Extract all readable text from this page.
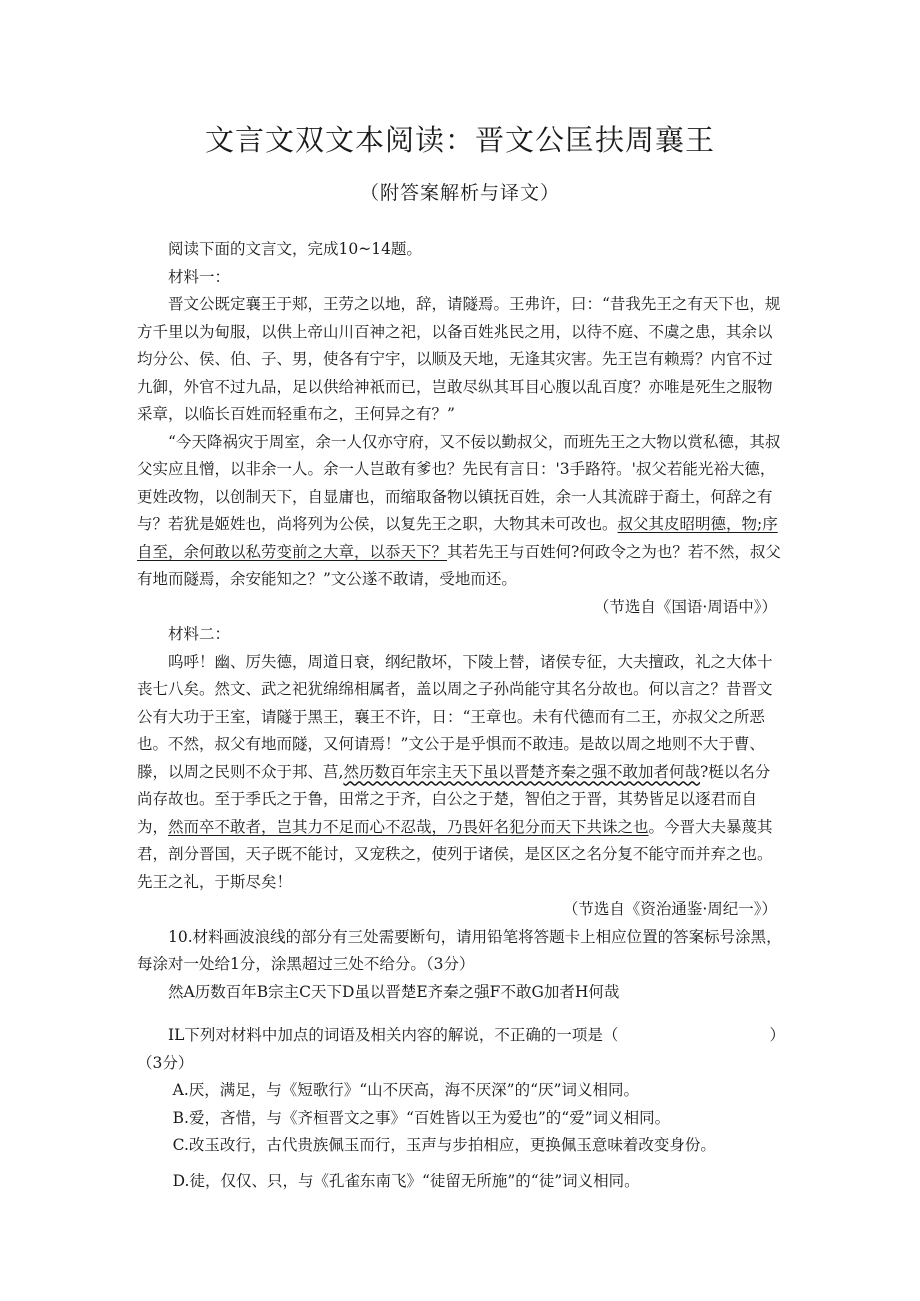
文言文双文本阅读：晋文公匡扶周襄王
（附答案解析与译文）

阅读下面的文言文，完成10~14题。

材料一：

晋文公既定襄王于郏，王劳之以地，辞，请隧焉。王弗许，曰：“昔我先王之有天下也，规方千里以为甸服，以供上帝山川百神之祀，以备百姓兆民之用，以待不庭、不虞之患，其余以均分公、侯、伯、子、男，使各有宁宇，以顺及天地，无逢其灾害。先王岂有赖焉？内官不过九御，外官不过九品，足以供给神祇而已，岂敢尽纵其耳目心腹以乱百度？亦唯是死生之服物采章，以临长百姓而轻重布之，王何异之有？”

“今天降祸灾于周室，余一人仅亦守府，又不佞以勤叔父，而班先王之大物以赏私德，其叔父实应且憎，以非余一人。余一人岂敢有爹也？先民有言日：'3手路符。'叔父若能光裕大德，更姓改物，以创制天下，自显庸也，而缩取备物以镇抚百姓，余一人其流辟于裔土，何辞之有与？若犹是姬姓也，尚将列为公侯，以复先王之职，大物其未可改也。叔父其皮昭明德，物;序自至，余何敢以私劳变前之大章，以忝天下？其若先王与百姓何?何政令之为也？若不然，叔父有地而隧焉，余安能知之？”文公遂不敢请，受地而还。

（节选自《国语·周语中》）

材料二：

呜呼！幽、厉失德，周道日衰，纲纪散坏，下陵上替，诸侯专征，大夫擅政，礼之大体十丧七八矣。然文、武之祀犹绵绵相属者，盖以周之子孙尚能守其名分故也。何以言之？昔晋文公有大功于王室，请隧于黑王，襄王不许，日：“王章也。未有代德而有二王，亦叔父之所恶也。不然，叔父有地而隧，又何请焉！”文公于是乎惧而不敢违。是故以周之地则不大于曹、滕，以周之民则不众于邦、莒,然历数百年宗主天下虽以晋楚齐秦之强不敢加者何哉?梃以名分尚存故也。至于季氏之于鲁，田常之于齐，白公之于楚，智伯之于晋，其势皆足以逐君而自为，然而卒不敢者，岂其力不足而心不忍哉，乃畏奸名犯分而天下共诛之也。今晋大夫暴蔑其君，剖分晋国，天子既不能讨，又宠秩之，使列于诸侯，是区区之名分复不能守而并弃之也。先王之礼，于斯尽矣！

（节选自《资治通鉴·周纪一》）

10.材料画波浪线的部分有三处需要断句，请用铅笔将答题卡上相应位置的答案标号涂黑，每涂对一处给1分，涂黑超过三处不给分。（3分）

然A历数百年B宗主C天下D虽以晋楚E齐秦之强F不敢G加者H何哉

IL下列对材料中加点的词语及相关内容的解说，不正确的一项是（	）

（3分）

A.厌，满足，与《短歌行》“山不厌高，海不厌深”的“厌”词义相同。

B.爱，吝惜，与《齐桓晋文之事》“百姓皆以王为爱也”的“爱”词义相同。

C.改玉改行，古代贵族佩玉而行，玉声与步拍相应，更换佩玉意味着改变身份。

D.徒，仅仅、只，与《孔雀东南飞》“徒留无所施”的“徒”词义相同。
